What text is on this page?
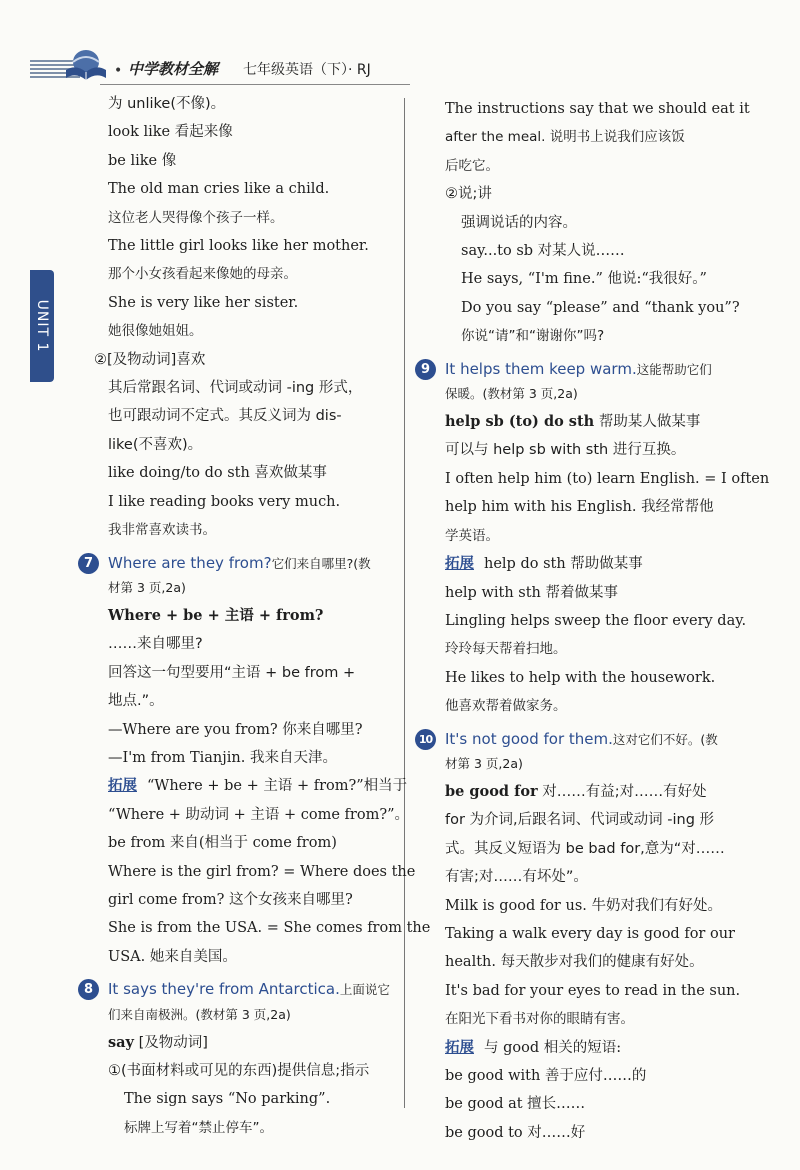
• 中学教材全解 七年级英语（下）· RJ
UNIT 1
为 unlike(不像)。
look like 看起来像
be like 像
The old man cries like a child.
这位老人哭得像个孩子一样。
The little girl looks like her mother.
那个小女孩看起来像她的母亲。
She is very like her sister.
她很像她姐姐。
②[及物动词]喜欢
其后常跟名词、代词或动词 -ing 形式，
也可跟动词不定式。其反义词为 dis-
like(不喜欢)。
like doing/to do sth 喜欢做某事
I like reading books very much.
我非常喜欢读书。
7 Where are they from?它们来自哪里?(教
材第 3 页,2a)
Where + be + 主语 + from?
……来自哪里?
回答这一句型要用“主语 + be from +
地点.”。
—Where are you from? 你来自哪里?
—I'm from Tianjin. 我来自天津。
拓展 “Where + be + 主语 + from?”相当于
“Where + 助动词 + 主语 + come from?”。
be from 来自(相当于 come from)
Where is the girl from? = Where does the
girl come from? 这个女孩来自哪里?
She is from the USA. = She comes from the
USA. 她来自美国。
8 It says they're from Antarctica.上面说它
们来自南极洲。(教材第 3 页,2a)
say [及物动词]
①(书面材料或可见的东西)提供信息;指示
The sign says “No parking”.
标牌上写着“禁止停车”。
The instructions say that we should eat it
after the meal. 说明书上说我们应该饭
后吃它。
②说;讲
强调说话的内容。
say...to sb 对某人说……
He says, “I'm fine.” 他说:“我很好。”
Do you say “please” and “thank you”?
你说“请”和“谢谢你”吗?
9 It helps them keep warm.这能帮助它们
保暖。(教材第 3 页,2a)
help sb (to) do sth 帮助某人做某事
可以与 help sb with sth 进行互换。
I often help him (to) learn English. = I often
help him with his English. 我经常帮他
学英语。
拓展 help do sth 帮助做某事
help with sth 帮着做某事
Lingling helps sweep the floor every day.
玲玲每天帮着扫地。
He likes to help with the housework.
他喜欢帮着做家务。
10 It's not good for them.这对它们不好。(教
材第 3 页,2a)
be good for 对……有益;对……有好处
for 为介词,后跟名词、代词或动词 -ing 形
式。其反义短语为 be bad for,意为“对……
有害;对……有坏处”。
Milk is good for us. 牛奶对我们有好处。
Taking a walk every day is good for our
health. 每天散步对我们的健康有好处。
It's bad for your eyes to read in the sun.
在阳光下看书对你的眼睛有害。
拓展 与 good 相关的短语:
be good with 善于应付……的
be good at 擅长……
be good to 对……好
